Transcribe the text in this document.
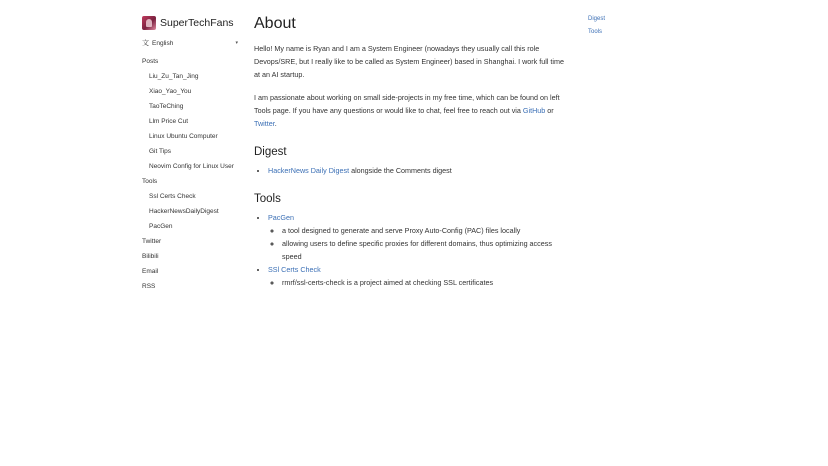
SuperTechFans
文 English	▾
Posts
Liu_Zu_Tan_Jing
Xiao_Yao_You
TaoTeChing
Llm Price Cut
Linux Ubuntu Computer
Git Tips
Neovim Config for Linux User
Tools
Ssl Certs Check
HackerNewsDailyDigest
PacGen
Twitter
Bilibili
Email
RSS
About

Hello! My name is Ryan and I am a System Engineer (nowadays they usually call this role Devops/SRE, but I really like to be called as System Engineer) based in Shanghai. I work full time at an AI startup.

I am passionate about working on small side-projects in my free time, which can be found on left Tools page. If you have any questions or would like to chat, feel free to reach out via GitHub or Twitter.

Digest
• HackerNews Daily Digest alongside the Comments digest
Tools
• PacGen
◦ a tool designed to generate and serve Proxy Auto-Config (PAC) files locally
◦ allowing users to define specific proxies for different domains, thus optimizing access speed
• SSl Certs Check
◦ rmrf/ssl-certs-check is a project aimed at checking SSL certificates
Digest
Tools
